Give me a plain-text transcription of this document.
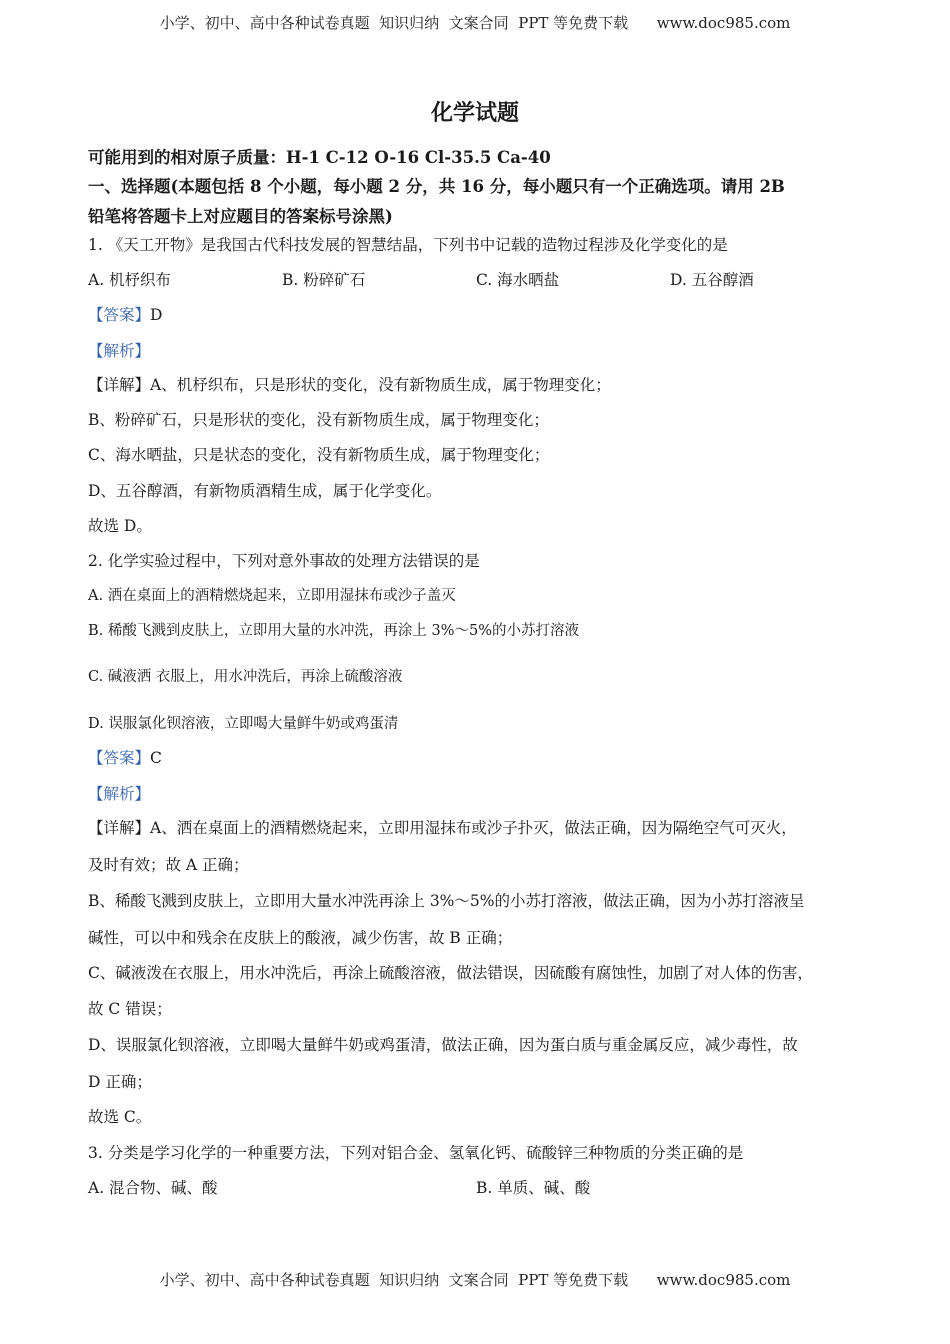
小学、初中、高中各种试卷真题  知识归纳  文案合同  PPT 等免费下载      www.doc985.com
化学试题
可能用到的相对原子质量：H-1 C-12 O-16 Cl-35.5 Ca-40
一、选择题(本题包括 8 个小题，每小题 2 分，共 16 分，每小题只有一个正确选项。请用 2B
铅笔将答题卡上对应题目的答案标号涂黑)
1. 《天工开物》是我国古代科技发展的智慧结晶，下列书中记载的造物过程涉及化学变化的是
A. 机杼织布	B. 粉碎矿石	C. 海水晒盐	D. 五谷醇酒
【答案】D
【解析】
【详解】A、机杼织布，只是形状的变化，没有新物质生成，属于物理变化；
B、粉碎矿石，只是形状的变化，没有新物质生成，属于物理变化；
C、海水晒盐，只是状态的变化，没有新物质生成，属于物理变化；
D、五谷醇酒，有新物质酒精生成，属于化学变化。
故选 D。
2. 化学实验过程中，下列对意外事故的处理方法错误的是
A. 洒在桌面上的酒精燃烧起来，立即用湿抹布或沙子盖灭
B. 稀酸飞溅到皮肤上，立即用大量的水冲洗，再涂上 3%～5%的小苏打溶液
C. 碱液洒 衣服上，用水冲洗后，再涂上硫酸溶液
D. 误服氯化钡溶液，立即喝大量鲜牛奶或鸡蛋清
【答案】C
【解析】
【详解】A、洒在桌面上的酒精燃烧起来，立即用湿抹布或沙子扑灭，做法正确，因为隔绝空气可灭火，
及时有效；故 A 正确；
B、稀酸飞溅到皮肤上，立即用大量水冲洗再涂上 3%～5%的小苏打溶液，做法正确，因为小苏打溶液呈
碱性，可以中和残余在皮肤上的酸液，减少伤害，故 B 正确；
C、碱液泼在衣服上，用水冲洗后，再涂上硫酸溶液，做法错误，因硫酸有腐蚀性，加剧了对人体的伤害，
故 C 错误；
D、误服氯化钡溶液，立即喝大量鲜牛奶或鸡蛋清，做法正确，因为蛋白质与重金属反应，减少毒性，故
D 正确；
故选 C。
3. 分类是学习化学的一种重要方法，下列对铝合金、氢氧化钙、硫酸锌三种物质的分类正确的是
A. 混合物、碱、酸	B. 单质、碱、酸
小学、初中、高中各种试卷真题  知识归纳  文案合同  PPT 等免费下载      www.doc985.com
